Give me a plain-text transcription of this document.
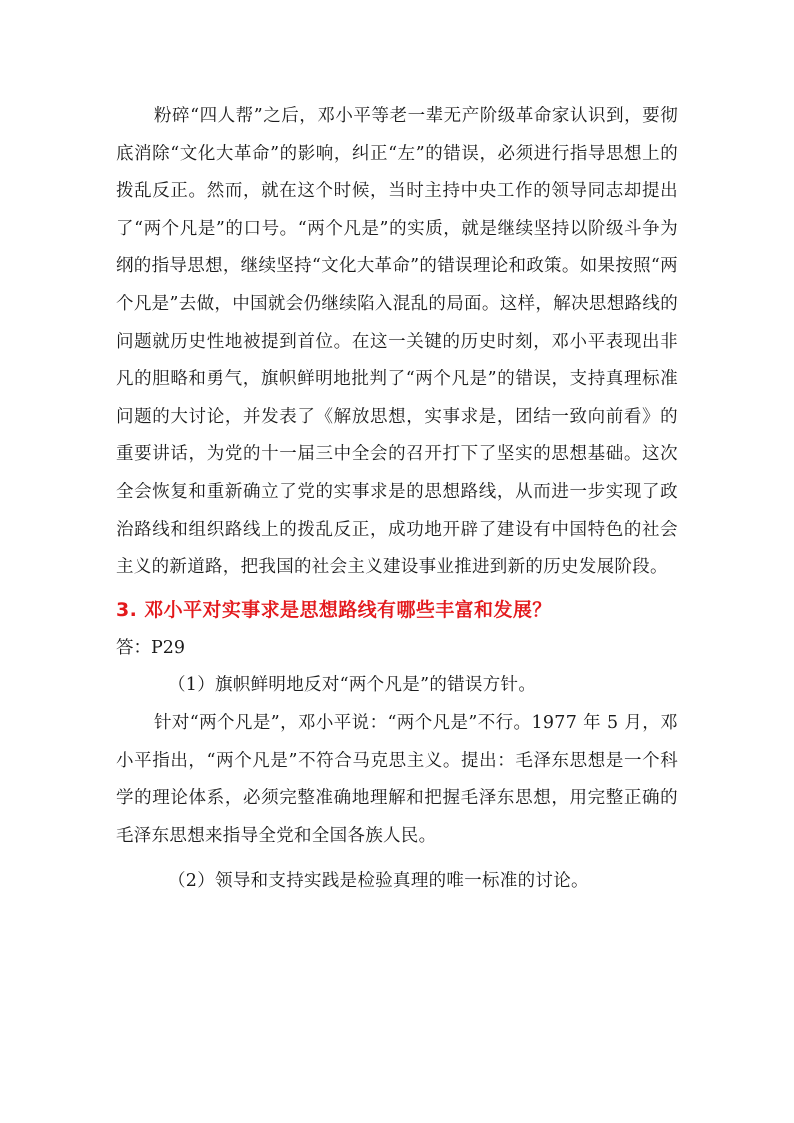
粉碎“四人帮”之后，邓小平等老一辈无产阶级革命家认识到，要彻底消除“文化大革命”的影响，纠正“左”的错误，必须进行指导思想上的拨乱反正。然而，就在这个时候，当时主持中央工作的领导同志却提出了“两个凡是”的口号。“两个凡是”的实质，就是继续坚持以阶级斗争为纲的指导思想，继续坚持“文化大革命”的错误理论和政策。如果按照“两个凡是”去做，中国就会仍继续陷入混乱的局面。这样，解决思想路线的问题就历史性地被提到首位。在这一关键的历史时刻，邓小平表现出非凡的胆略和勇气，旗帜鲜明地批判了“两个凡是”的错误，支持真理标准问题的大讨论，并发表了《解放思想，实事求是，团结一致向前看》的重要讲话，为党的十一届三中全会的召开打下了坚实的思想基础。这次全会恢复和重新确立了党的实事求是的思想路线，从而进一步实现了政治路线和组织路线上的拨乱反正，成功地开辟了建设有中国特色的社会主义的新道路，把我国的社会主义建设事业推进到新的历史发展阶段。

3. 邓小平对实事求是思想路线有哪些丰富和发展？

答：P29

（1）旗帜鲜明地反对“两个凡是”的错误方针。

针对“两个凡是”，邓小平说：“两个凡是”不行。1977 年 5 月，邓小平指出，“两个凡是”不符合马克思主义。提出：毛泽东思想是一个科学的理论体系，必须完整准确地理解和把握毛泽东思想，用完整正确的毛泽东思想来指导全党和全国各族人民。

（2）领导和支持实践是检验真理的唯一标准的讨论。
